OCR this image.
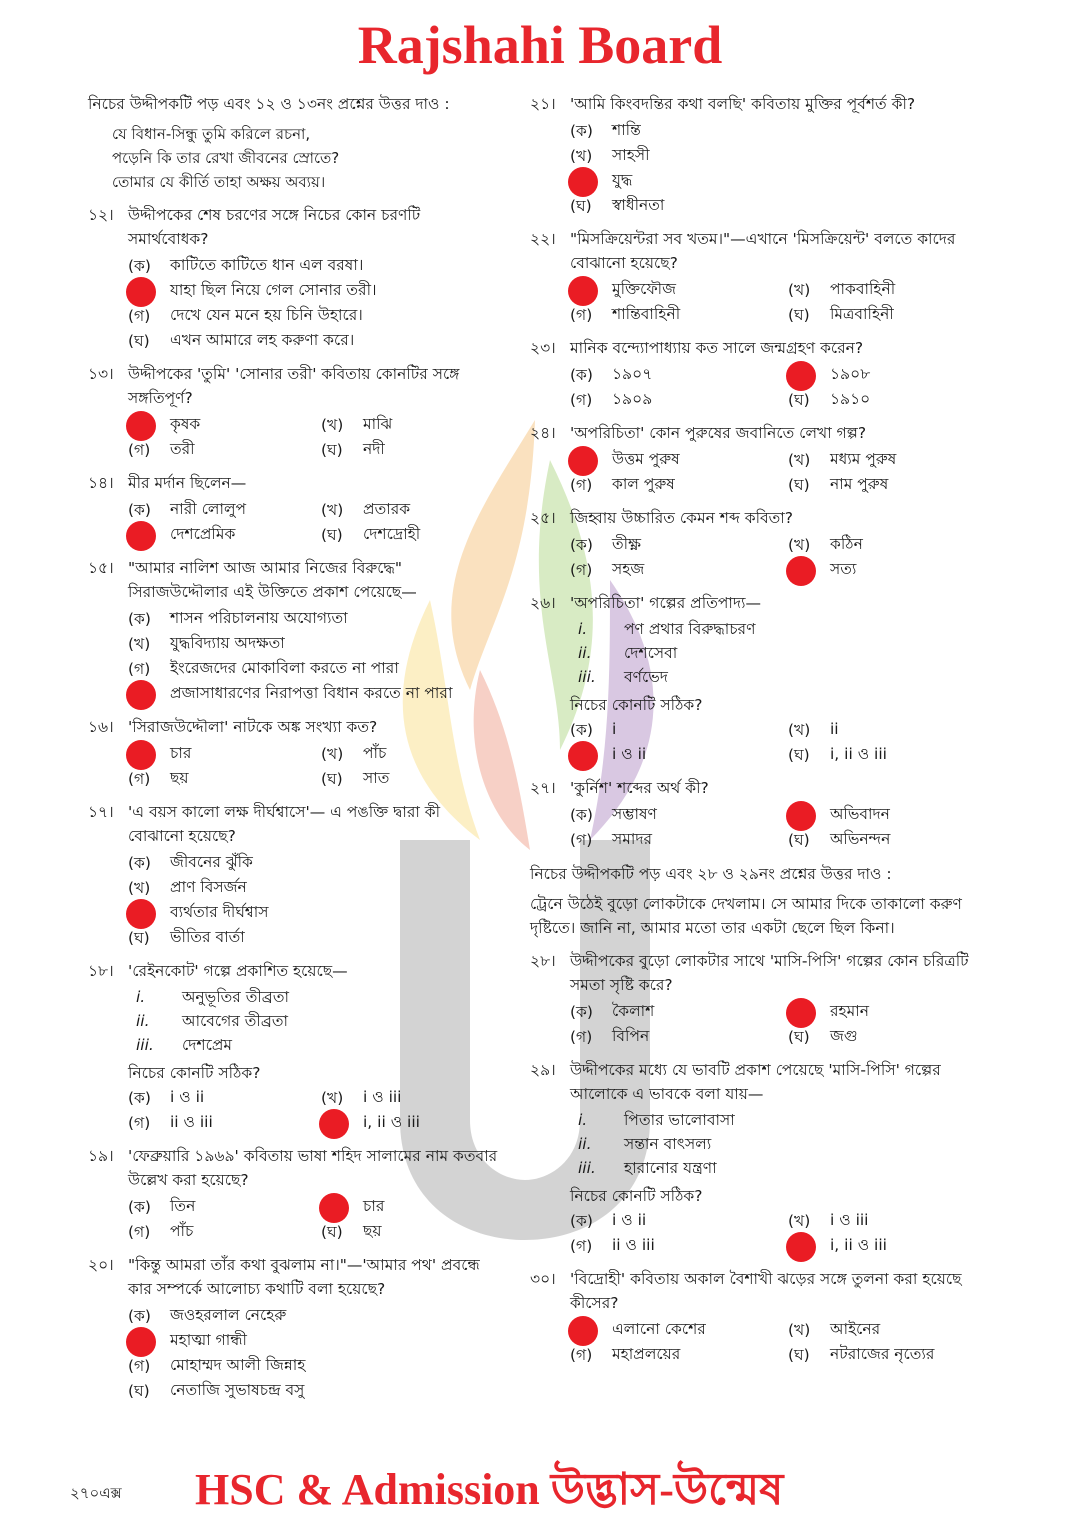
Rajshahi Board
নিচের উদ্দীপকটি পড় এবং ১২ ও ১৩নং প্রশ্নের উত্তর দাও :
যে বিধান-সিন্ধু তুমি করিলে রচনা,
পড়েনি কি তার রেখা জীবনের স্রোতে?
তোমার যে কীর্তি তাহা অক্ষয় অব্যয়।
১২। উদ্দীপকের শেষ চরণের সঙ্গে নিচের কোন চরণটি সমার্থবোধক?
(ক)	কাটিতে কাটিতে ধান এল বরষা।
যাহা ছিল নিয়ে গেল সোনার তরী।
(গ)	দেখে যেন মনে হয় চিনি উহারে।
(ঘ)	এখন আমারে লহ করুণা করে।
১৩। উদ্দীপকের 'তুমি' 'সোনার তরী' কবিতায় কোনটির সঙ্গে সঙ্গতিপূর্ণ?
কৃষক	(খ)	মাঝি
(গ)	তরী	(ঘ)	নদী
১৪। মীর মর্দান ছিলেন—
(ক)	নারী লোলুপ	(খ)	প্রতারক
দেশপ্রেমিক	(ঘ)	দেশদ্রোহী
১৫। "আমার নালিশ আজ আমার নিজের বিরুদ্ধে" সিরাজউদ্দৌলার এই উক্তিতে প্রকাশ পেয়েছে—
(ক)	শাসন পরিচালনায় অযোগ্যতা
(খ)	যুদ্ধবিদ্যায় অদক্ষতা
(গ)	ইংরেজদের মোকাবিলা করতে না পারা
প্রজাসাধারণের নিরাপত্তা বিধান করতে না পারা
১৬। 'সিরাজউদ্দৌলা' নাটকে অঙ্ক সংখ্যা কত?
চার	(খ)	পাঁচ
(গ)	ছয়	(ঘ)	সাত
১৭। 'এ বয়স কালো লক্ষ দীর্ঘশ্বাসে'— এ পঙক্তি দ্বারা কী বোঝানো হয়েছে?
(ক)	জীবনের ঝুঁকি
(খ)	প্রাণ বিসর্জন
ব্যর্থতার দীর্ঘশ্বাস
(ঘ)	ভীতির বার্তা
১৮। 'রেইনকোট' গল্পে প্রকাশিত হয়েছে—
i.	অনুভূতির তীব্রতা
ii.	আবেগের তীব্রতা
iii.	দেশপ্রেম
নিচের কোনটি সঠিক?
(ক)	i ও ii	(খ)	i ও iii
(গ)	ii ও iii	i, ii ও iii
১৯। 'ফেব্রুয়ারি ১৯৬৯' কবিতায় ভাষা শহিদ সালামের নাম কতবার উল্লেখ করা হয়েছে?
(ক)	তিন	চার
(গ)	পাঁচ	(ঘ)	ছয়
২০। "কিন্তু আমরা তাঁর কথা বুঝলাম না।"—'আমার পথ' প্রবন্ধে কার সম্পর্কে আলোচ্য কথাটি বলা হয়েছে?
(ক)	জওহরলাল নেহেরু
মহাত্মা গান্ধী
(গ)	মোহাম্মদ আলী জিন্নাহ
(ঘ)	নেতাজি সুভাষচন্দ্র বসু
২১। 'আমি কিংবদন্তির কথা বলছি' কবিতায় মুক্তির পূর্বশর্ত কী?
(ক)	শান্তি
(খ)	সাহসী
যুদ্ধ
(ঘ)	স্বাধীনতা
২২। "মিসক্রিয়েন্টরা সব খতম।"—এখানে 'মিসক্রিয়েন্ট' বলতে কাদের বোঝানো হয়েছে?
মুক্তিফৌজ	(খ)	পাকবাহিনী
(গ)	শান্তিবাহিনী	(ঘ)	মিত্রবাহিনী
২৩। মানিক বন্দ্যোপাধ্যায় কত সালে জন্মগ্রহণ করেন?
(ক)	১৯০৭	১৯০৮
(গ)	১৯০৯	(ঘ)	১৯১০
২৪। 'অপরিচিতা' কোন পুরুষের জবানিতে লেখা গল্প?
উত্তম পুরুষ	(খ)	মধ্যম পুরুষ
(গ)	কাল পুরুষ	(ঘ)	নাম পুরুষ
২৫। জিহ্বায় উচ্চারিত কেমন শব্দ কবিতা?
(ক)	তীক্ষ্ণ	(খ)	কঠিন
(গ)	সহজ	সত্য
২৬। 'অপরিচিতা' গল্পের প্রতিপাদ্য—
i.	পণ প্রথার বিরুদ্ধাচরণ
ii.	দেশসেবা
iii.	বর্ণভেদ
নিচের কোনটি সঠিক?
(ক)	i	(খ)	ii
i ও ii	(ঘ)	i, ii ও iii
২৭। 'কুর্নিশ' শব্দের অর্থ কী?
(ক)	সম্ভাষণ	অভিবাদন
(গ)	সমাদর	(ঘ)	অভিনন্দন
নিচের উদ্দীপকটি পড় এবং ২৮ ও ২৯নং প্রশ্নের উত্তর দাও :
ট্রেনে উঠেই বুড়ো লোকটাকে দেখলাম। সে আমার দিকে তাকালো করুণ দৃষ্টিতে। জানি না, আমার মতো তার একটা ছেলে ছিল কিনা।
২৮। উদ্দীপকের বুড়ো লোকটার সাথে 'মাসি-পিসি' গল্পের কোন চরিত্রটি সমতা সৃষ্টি করে?
(ক)	কৈলাশ	রহমান
(গ)	বিপিন	(ঘ)	জগু
২৯। উদ্দীপকের মধ্যে যে ভাবটি প্রকাশ পেয়েছে 'মাসি-পিসি' গল্পের আলোকে এ ভাবকে বলা যায়—
i.	পিতার ভালোবাসা
ii.	সন্তান বাৎসল্য
iii.	হারানোর যন্ত্রণা
নিচের কোনটি সঠিক?
(ক)	i ও ii	(খ)	i ও iii
(গ)	ii ও iii	i, ii ও iii
৩০। 'বিদ্রোহী' কবিতায় অকাল বৈশাখী ঝড়ের সঙ্গে তুলনা করা হয়েছে কীসের?
এলানো কেশের	(খ)	আইনের
(গ)	মহাপ্রলয়ের	(ঘ)	নটরাজের নৃত্যের
২৭০এক্স HSC & Admission উদ্ভাস-উন্মেষ
